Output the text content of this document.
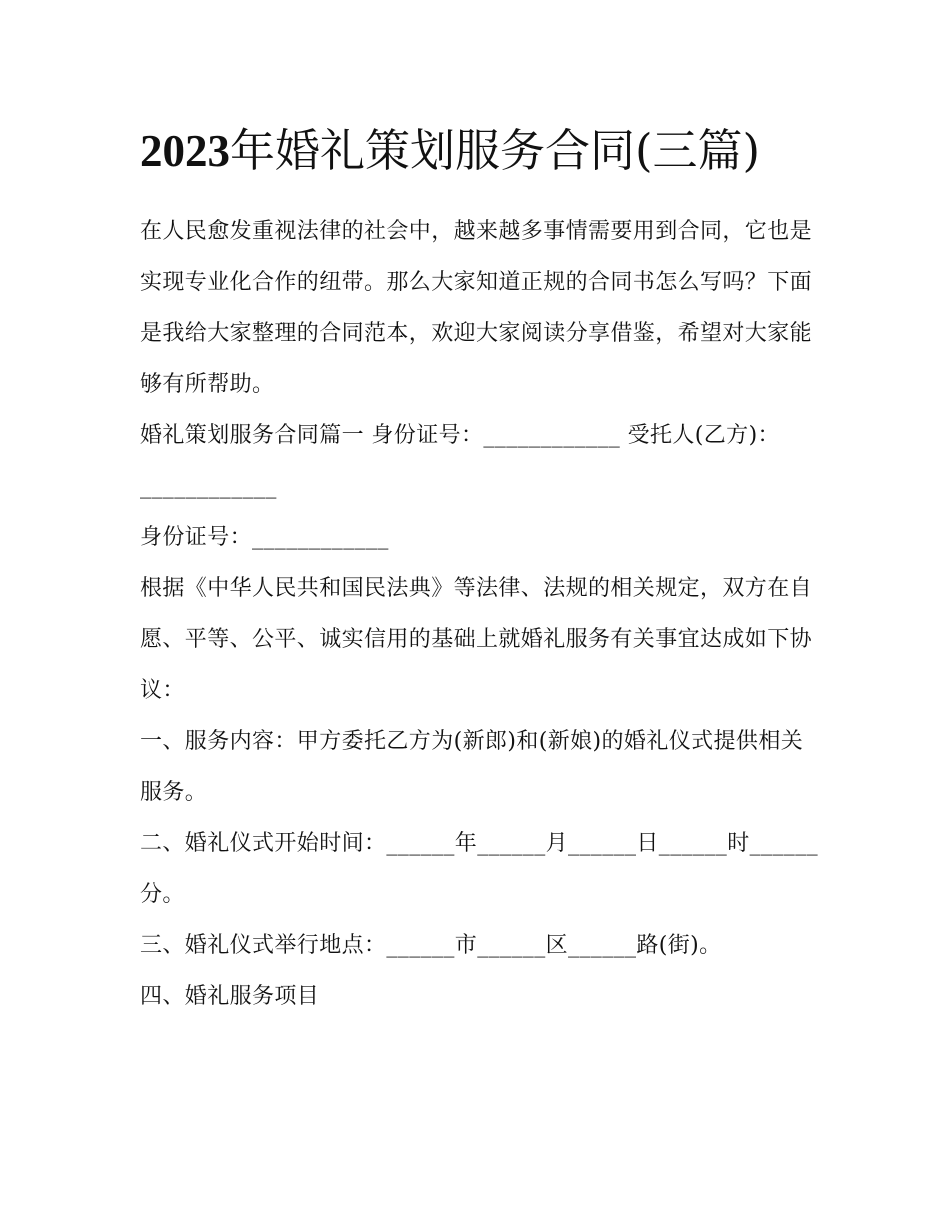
2023年婚礼策划服务合同(三篇)

在人民愈发重视法律的社会中，越来越多事情需要用到合同，它也是实现专业化合作的纽带。那么大家知道正规的合同书怎么写吗？下面是我给大家整理的合同范本，欢迎大家阅读分享借鉴，希望对大家能够有所帮助。

婚礼策划服务合同篇一 身份证号：____________ 受托人(乙方)：____________

身份证号：____________

根据《中华人民共和国民法典》等法律、法规的相关规定，双方在自愿、平等、公平、诚实信用的基础上就婚礼服务有关事宜达成如下协议：

一、服务内容：甲方委托乙方为(新郎)和(新娘)的婚礼仪式提供相关服务。

二、婚礼仪式开始时间：______年______月______日______时______分。

三、婚礼仪式举行地点：______市______区______路(街)。

四、婚礼服务项目
